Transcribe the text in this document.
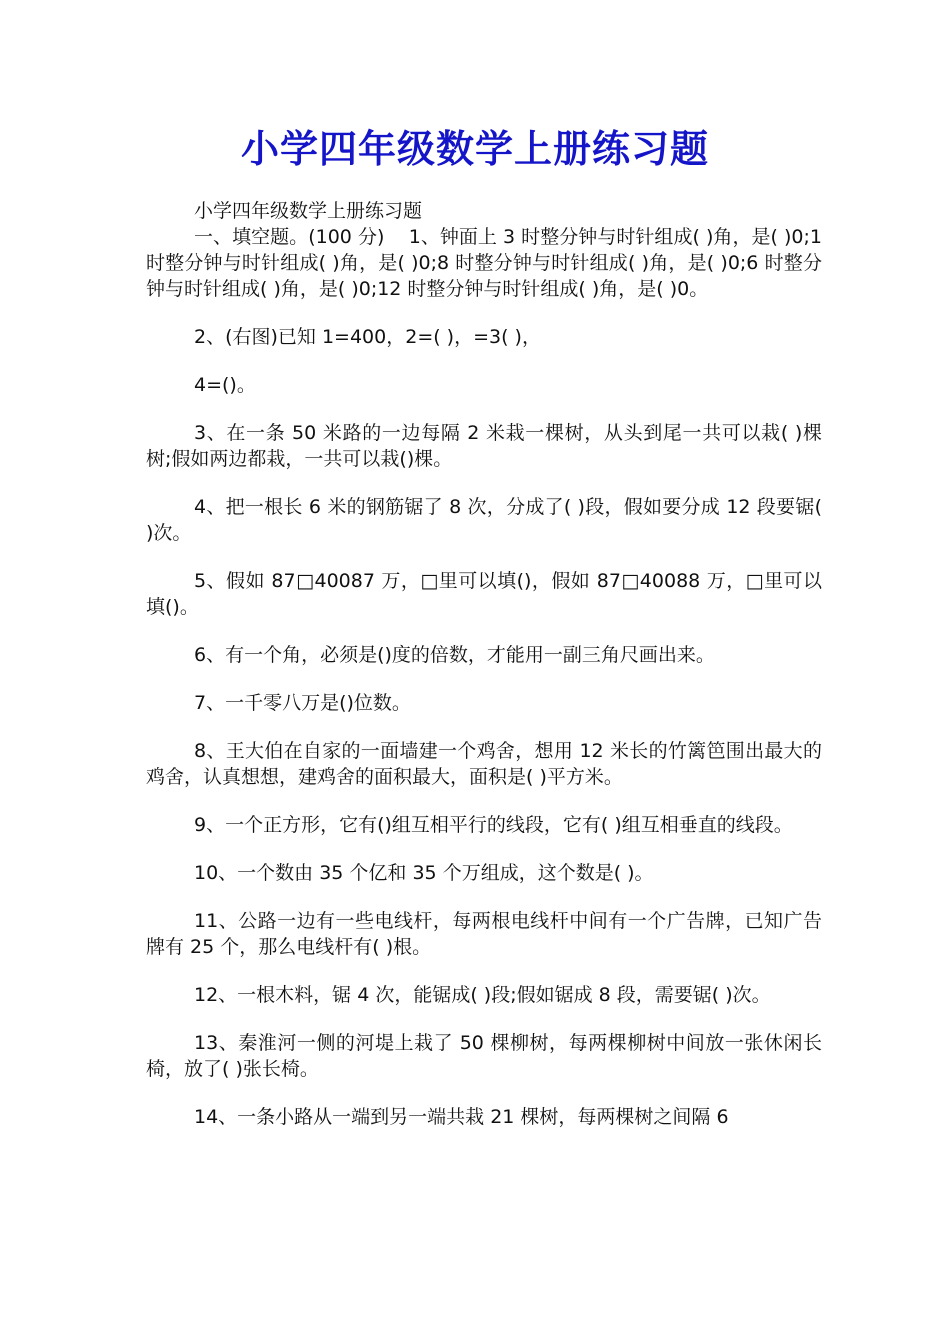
小学四年级数学上册练习题

小学四年级数学上册练习题

一、填空题。(100 分)    1、钟面上 3 时整分钟与时针组成( )角，是( )0;1 时整分钟与时针组成( )角，是( )0;8 时整分钟与时针组成( )角，是( )0;6 时整分钟与时针组成( )角，是( )0;12 时整分钟与时针组成( )角，是( )0。

2、(右图)已知 1=400，2=( )，=3( )，

4=()。

3、在一条 50 米路的一边每隔 2 米栽一棵树，从头到尾一共可以栽( )棵树;假如两边都栽，一共可以栽()棵。

4、把一根长 6 米的钢筋锯了 8 次，分成了( )段，假如要分成 12 段要锯( )次。

5、假如 87□40087 万，□里可以填()，假如 87□40088 万，□里可以填()。

6、有一个角，必须是()度的倍数，才能用一副三角尺画出来。

7、一千零八万是()位数。

8、王大伯在自家的一面墙建一个鸡舍，想用 12 米长的竹篱笆围出最大的鸡舍，认真想想，建鸡舍的面积最大，面积是( )平方米。

9、一个正方形，它有()组互相平行的线段，它有( )组互相垂直的线段。

10、一个数由 35 个亿和 35 个万组成，这个数是( )。

11、公路一边有一些电线杆，每两根电线杆中间有一个广告牌，已知广告牌有 25 个，那么电线杆有( )根。

12、一根木料，锯 4 次，能锯成( )段;假如锯成 8 段，需要锯( )次。

13、秦淮河一侧的河堤上栽了 50 棵柳树，每两棵柳树中间放一张休闲长椅，放了( )张长椅。

14、一条小路从一端到另一端共栽 21 棵树，每两棵树之间隔 6
